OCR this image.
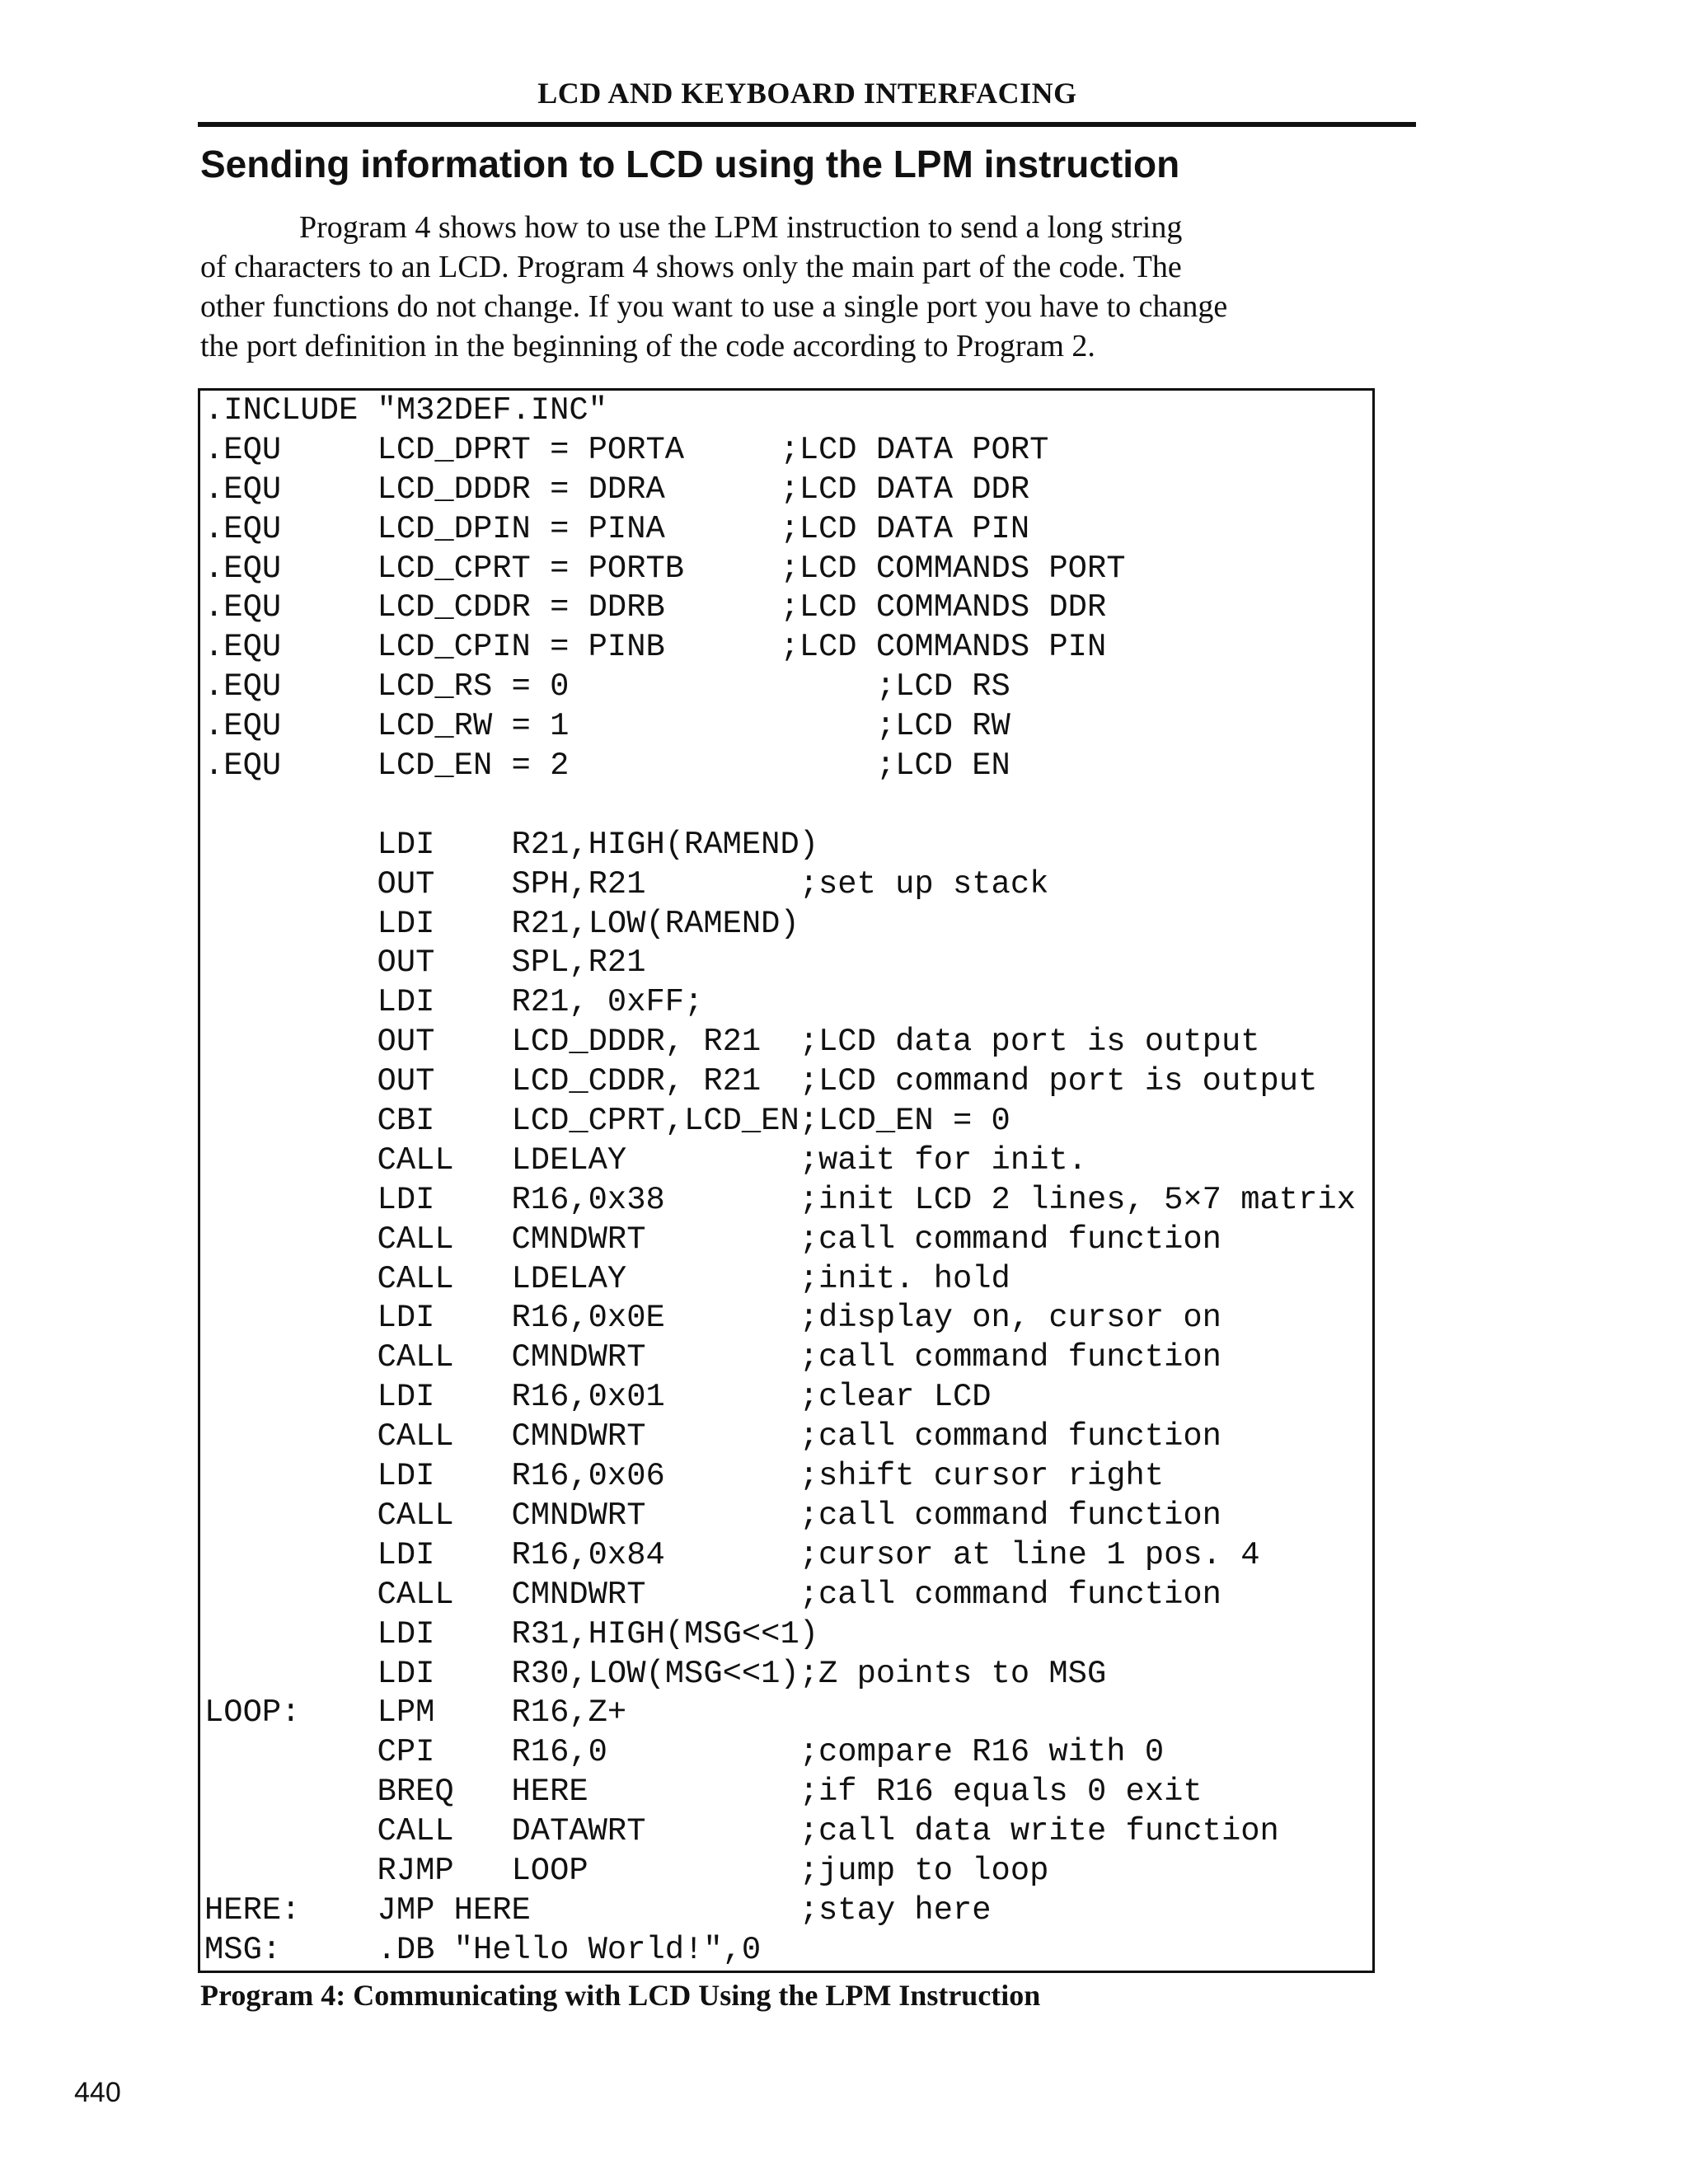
LCD AND KEYBOARD INTERFACING
Sending information to LCD using the LPM instruction

Program 4 shows how to use the LPM instruction to send a long string

of characters to an LCD. Program 4 shows only the main part of the code. The

other functions do not change. If you want to use a single port you have to change

the port definition in the beginning of the code according to Program 2.

.INCLUDE "M32DEF.INC"
.EQU     LCD_DPRT = PORTA     ;LCD DATA PORT
.EQU     LCD_DDDR = DDRA      ;LCD DATA DDR
.EQU     LCD_DPIN = PINA      ;LCD DATA PIN
.EQU     LCD_CPRT = PORTB     ;LCD COMMANDS PORT
.EQU     LCD_CDDR = DDRB      ;LCD COMMANDS DDR
.EQU     LCD_CPIN = PINB      ;LCD COMMANDS PIN
.EQU     LCD_RS = 0                ;LCD RS
.EQU     LCD_RW = 1                ;LCD RW
.EQU     LCD_EN = 2                ;LCD EN
LDI    R21,HIGH(RAMEND)
OUT    SPH,R21        ;set up stack
LDI    R21,LOW(RAMEND)
OUT    SPL,R21
LDI    R21, 0xFF;
OUT    LCD_DDDR, R21  ;LCD data port is output
OUT    LCD_CDDR, R21  ;LCD command port is output
CBI    LCD_CPRT,LCD_EN;LCD_EN = 0
CALL   LDELAY         ;wait for init.
LDI    R16,0x38       ;init LCD 2 lines, 5×7 matrix
CALL   CMNDWRT        ;call command function
CALL   LDELAY         ;init. hold
LDI    R16,0x0E       ;display on, cursor on
CALL   CMNDWRT        ;call command function
LDI    R16,0x01       ;clear LCD
CALL   CMNDWRT        ;call command function
LDI    R16,0x06       ;shift cursor right
CALL   CMNDWRT        ;call command function
LDI    R16,0x84       ;cursor at line 1 pos. 4
CALL   CMNDWRT        ;call command function
LDI    R31,HIGH(MSG<<1)
LDI    R30,LOW(MSG<<1);Z points to MSG
LOOP:    LPM    R16,Z+
CPI    R16,0          ;compare R16 with 0
BREQ   HERE           ;if R16 equals 0 exit
CALL   DATAWRT        ;call data write function
RJMP   LOOP           ;jump to loop
HERE:    JMP HERE              ;stay here
MSG:     .DB "Hello World!",0
Program 4: Communicating with LCD Using the LPM Instruction
440
